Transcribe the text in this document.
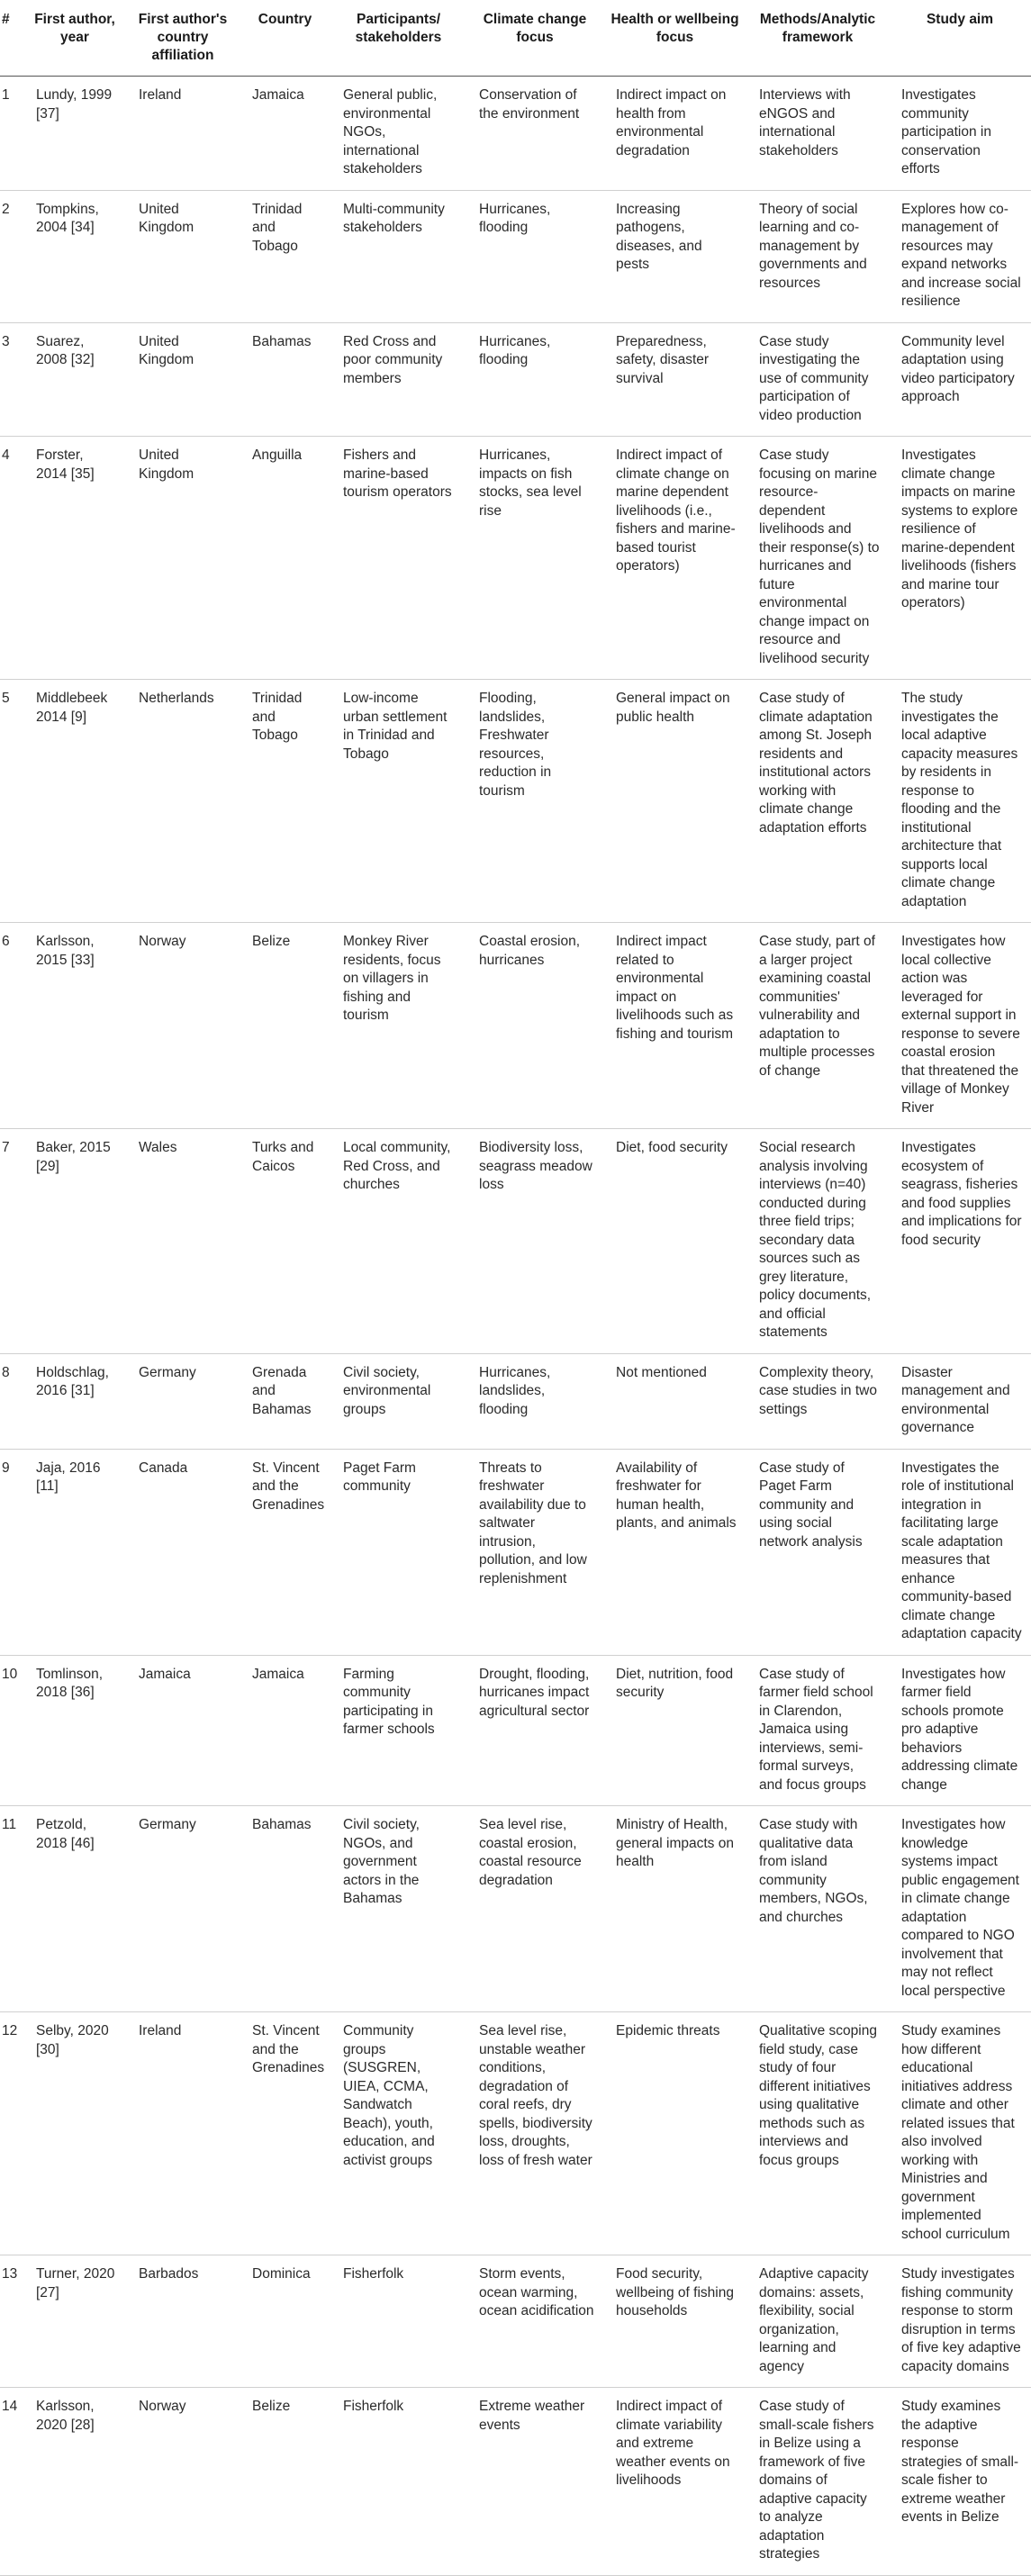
#	First author, year	First author's country affiliation	Country	Participants/ stakeholders	Climate change focus	Health or wellbeing focus	Methods/Analytic framework	Study aim
1	Lundy, 1999 [37]	Ireland	Jamaica	General public, environmental NGOs, international stakeholders	Conservation of the environment	Indirect impact on health from environmental degradation	Interviews with eNGOS and international stakeholders	Investigates community participation in conservation efforts
2	Tompkins, 2004 [34]	United Kingdom	Trinidad and Tobago	Multi-community stakeholders	Hurricanes, flooding	Increasing pathogens, diseases, and pests	Theory of social learning and co-management by governments and resources	Explores how co-management of resources may expand networks and increase social resilience
3	Suarez, 2008 [32]	United Kingdom	Bahamas	Red Cross and poor community members	Hurricanes, flooding	Preparedness, safety, disaster survival	Case study investigating the use of community participation of video production	Community level adaptation using video participatory approach
4	Forster, 2014 [35]	United Kingdom	Anguilla	Fishers and marine-based tourism operators	Hurricanes, impacts on fish stocks, sea level rise	Indirect impact of climate change on marine dependent livelihoods (i.e., fishers and marine-based tourist operators)	Case study focusing on marine resource-dependent livelihoods and their response(s) to hurricanes and future environmental change impact on resource and livelihood security	Investigates climate change impacts on marine systems to explore resilience of marine-dependent livelihoods (fishers and marine tour operators)
5	Middlebeek 2014 [9]	Netherlands	Trinidad and Tobago	Low-income urban settlement in Trinidad and Tobago	Flooding, landslides, Freshwater resources, reduction in tourism	General impact on public health	Case study of climate adaptation among St. Joseph residents and institutional actors working with climate change adaptation efforts	The study investigates the local adaptive capacity measures by residents in response to flooding and the institutional architecture that supports local climate change adaptation
6	Karlsson, 2015 [33]	Norway	Belize	Monkey River residents, focus on villagers in fishing and tourism	Coastal erosion, hurricanes	Indirect impact related to environmental impact on livelihoods such as fishing and tourism	Case study, part of a larger project examining coastal communities' vulnerability and adaptation to multiple processes of change	Investigates how local collective action was leveraged for external support in response to severe coastal erosion that threatened the village of Monkey River
7	Baker, 2015 [29]	Wales	Turks and Caicos	Local community, Red Cross, and churches	Biodiversity loss, seagrass meadow loss	Diet, food security	Social research analysis involving interviews (n=40) conducted during three field trips; secondary data sources such as grey literature, policy documents, and official statements	Investigates ecosystem of seagrass, fisheries and food supplies and implications for food security
8	Holdschlag, 2016 [31]	Germany	Grenada and Bahamas	Civil society, environmental groups	Hurricanes, landslides, flooding	Not mentioned	Complexity theory, case studies in two settings	Disaster management and environmental governance
9	Jaja, 2016 [11]	Canada	St. Vincent and the Grenadines	Paget Farm community	Threats to freshwater availability due to saltwater intrusion, pollution, and low replenishment	Availability of freshwater for human health, plants, and animals	Case study of Paget Farm community and using social network analysis	Investigates the role of institutional integration in facilitating large scale adaptation measures that enhance community-based climate change adaptation capacity
10	Tomlinson, 2018 [36]	Jamaica	Jamaica	Farming community participating in farmer schools	Drought, flooding, hurricanes impact agricultural sector	Diet, nutrition, food security	Case study of farmer field school in Clarendon, Jamaica using interviews, semi-formal surveys, and focus groups	Investigates how farmer field schools promote pro adaptive behaviors addressing climate change
11	Petzold, 2018 [46]	Germany	Bahamas	Civil society, NGOs, and government actors in the Bahamas	Sea level rise, coastal erosion, coastal resource degradation	Ministry of Health, general impacts on health	Case study with qualitative data from island community members, NGOs, and churches	Investigates how knowledge systems impact public engagement in climate change adaptation compared to NGO involvement that may not reflect local perspective
12	Selby, 2020 [30]	Ireland	St. Vincent and the Grenadines	Community groups (SUSGREN, UIEA, CCMA, Sandwatch Beach), youth, education, and activist groups	Sea level rise, unstable weather conditions, degradation of coral reefs, dry spells, biodiversity loss, droughts, loss of fresh water	Epidemic threats	Qualitative scoping field study, case study of four different initiatives using qualitative methods such as interviews and focus groups	Study examines how different educational initiatives address climate and other related issues that also involved working with Ministries and government implemented school curriculum
13	Turner, 2020 [27]	Barbados	Dominica	Fisherfolk	Storm events, ocean warming, ocean acidification	Food security, wellbeing of fishing households	Adaptive capacity domains: assets, flexibility, social organization, learning and agency	Study investigates fishing community response to storm disruption in terms of five key adaptive capacity domains
14	Karlsson, 2020 [28]	Norway	Belize	Fisherfolk	Extreme weather events	Indirect impact of climate variability and extreme weather events on livelihoods	Case study of small-scale fishers in Belize using a framework of five domains of adaptive capacity to analyze adaptation strategies	Study examines the adaptive response strategies of small-scale fisher to extreme weather events in Belize
